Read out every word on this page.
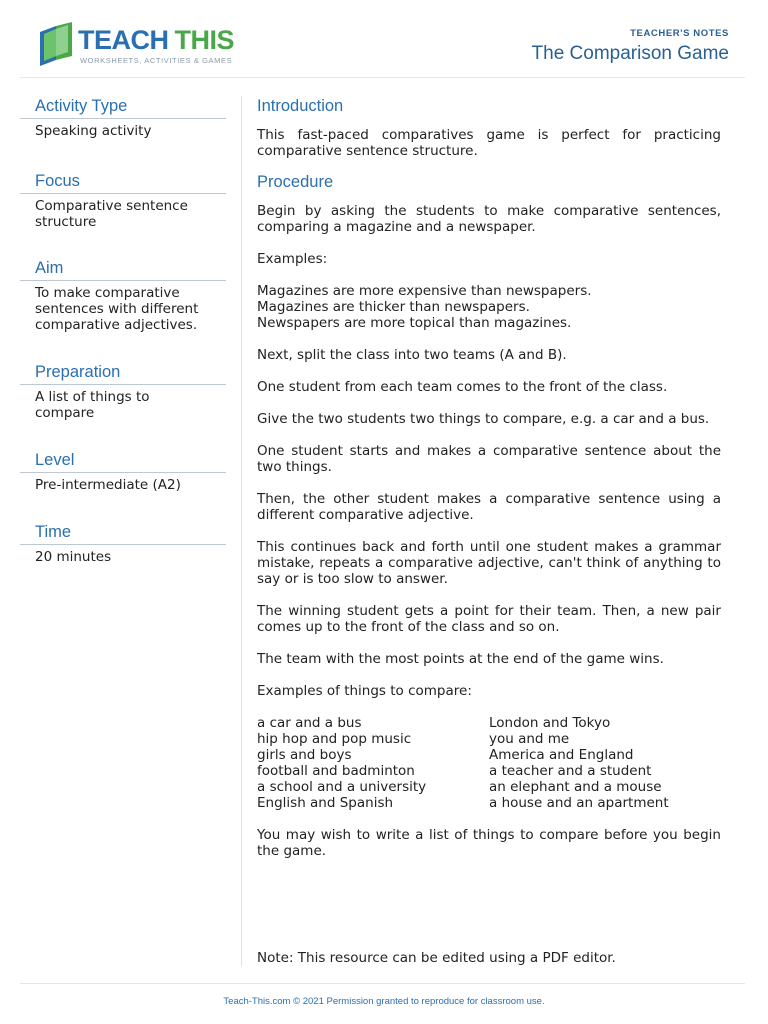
TEACH THIS
WORKSHEETS, ACTIVITIES & GAMES
TEACHER'S NOTES
The Comparison Game
Activity Type
Speaking activity
Focus
Comparative sentence structure
Aim
To make comparative sentences with different comparative adjectives.
Preparation
A list of things to compare
Level
Pre-intermediate (A2)
Time
20 minutes
Introduction
This fast-paced comparatives game is perfect for practicing comparative sentence structure.
Procedure
Begin by asking the students to make comparative sentences, comparing a magazine and a newspaper.
Examples:
Magazines are more expensive than newspapers.
Magazines are thicker than newspapers.
Newspapers are more topical than magazines.
Next, split the class into two teams (A and B).
One student from each team comes to the front of the class.
Give the two students two things to compare, e.g. a car and a bus.
One student starts and makes a comparative sentence about the two things.
Then, the other student makes a comparative sentence using a different comparative adjective.
This continues back and forth until one student makes a grammar mistake, repeats a comparative adjective, can't think of anything to say or is too slow to answer.
The winning student gets a point for their team. Then, a new pair comes up to the front of the class and so on.
The team with the most points at the end of the game wins.
Examples of things to compare:
a car and a bus
hip hop and pop music
girls and boys
football and badminton
a school and a university
English and Spanish
London and Tokyo
you and me
America and England
a teacher and a student
an elephant and a mouse
a house and an apartment
You may wish to write a list of things to compare before you begin the game.
Note: This resource can be edited using a PDF editor.
Teach-This.com © 2021 Permission granted to reproduce for classroom use.
